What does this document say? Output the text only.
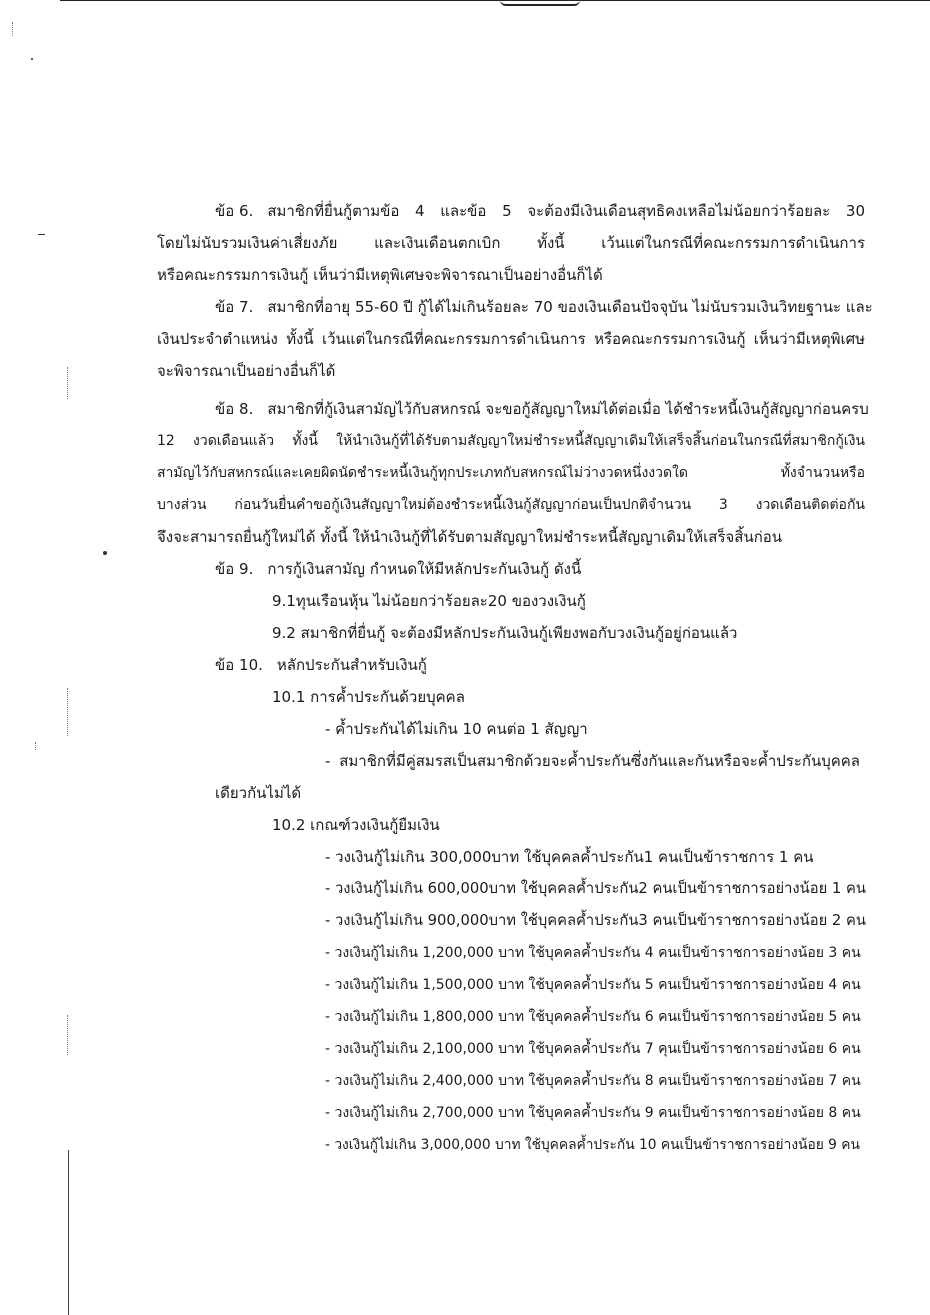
ข้อ 6. สมาชิกที่ยื่นกู้ตามข้อ 4 และข้อ 5 จะต้องมีเงินเดือนสุทธิคงเหลือไม่น้อยกว่าร้อยละ 30
โดยไม่นับรวมเงินค่าเสี่ยงภัย และเงินเดือนตกเบิก ทั้งนี้ เว้นแต่ในกรณีที่คณะกรรมการดำเนินการ
หรือคณะกรรมการเงินกู้ เห็นว่ามีเหตุพิเศษจะพิจารณาเป็นอย่างอื่นก็ได้
ข้อ 7. สมาชิกที่อายุ 55-60 ปี กู้ได้ไม่เกินร้อยละ 70 ของเงินเดือนปัจจุบัน ไม่นับรวมเงินวิทยฐานะ และ
เงินประจำตำแหน่ง ทั้งนี้ เว้นแต่ในกรณีที่คณะกรรมการดำเนินการ หรือคณะกรรมการเงินกู้ เห็นว่ามีเหตุพิเศษ
จะพิจารณาเป็นอย่างอื่นก็ได้
ข้อ 8. สมาชิกที่กู้เงินสามัญไว้กับสหกรณ์ จะขอกู้สัญญาใหม่ได้ต่อเมื่อ ได้ชำระหนี้เงินกู้สัญญาก่อนครบ
12 งวดเดือนแล้ว ทั้งนี้ ให้นำเงินกู้ที่ได้รับตามสัญญาใหม่ชำระหนี้สัญญาเดิมให้เสร็จสิ้นก่อนในกรณีที่สมาชิกกู้เงิน
สามัญไว้กับสหกรณ์และเคยผิดนัดชำระหนี้เงินกู้ทุกประเภทกับสหกรณ์ไม่ว่างวดหนึ่งงวดใด ทั้งจำนวนหรือ
บางส่วน ก่อนวันยื่นคำขอกู้เงินสัญญาใหม่ต้องชำระหนี้เงินกู้สัญญาก่อนเป็นปกติจำนวน 3 งวดเดือนติดต่อกัน
จึงจะสามารถยื่นกู้ใหม่ได้ ทั้งนี้ ให้นำเงินกู้ที่ได้รับตามสัญญาใหม่ชำระหนี้สัญญาเดิมให้เสร็จสิ้นก่อน
ข้อ 9. การกู้เงินสามัญ กำหนดให้มีหลักประกันเงินกู้ ดังนี้
9.1ทุนเรือนหุ้น ไม่น้อยกว่าร้อยละ20 ของวงเงินกู้
9.2 สมาชิกที่ยื่นกู้ จะต้องมีหลักประกันเงินกู้เพียงพอกับวงเงินกู้อยู่ก่อนแล้ว
ข้อ 10. หลักประกันสำหรับเงินกู้
10.1 การค้ำประกันด้วยบุคคล
- ค้ำประกันได้ไม่เกิน 10 คนต่อ 1 สัญญา
- สมาชิกที่มีคู่สมรสเป็นสมาชิกด้วยจะค้ำประกันซึ่งกันและกันหรือจะค้ำประกันบุคคล
เดียวกันไม่ได้
10.2 เกณฑ์วงเงินกู้ยืมเงิน
- วงเงินกู้ไม่เกิน 300,000บาท ใช้บุคคลค้ำประกัน1 คนเป็นข้าราชการ 1 คน
- วงเงินกู้ไม่เกิน 600,000บาท ใช้บุคคลค้ำประกัน2 คนเป็นข้าราชการอย่างน้อย 1 คน
- วงเงินกู้ไม่เกิน 900,000บาท ใช้บุคคลค้ำประกัน3 คนเป็นข้าราชการอย่างน้อย 2 คน
- วงเงินกู้ไม่เกิน 1,200,000 บาท ใช้บุคคลค้ำประกัน 4 คนเป็นข้าราชการอย่างน้อย 3 คน
- วงเงินกู้ไม่เกิน 1,500,000 บาท ใช้บุคคลค้ำประกัน 5 คนเป็นข้าราชการอย่างน้อย 4 คน
- วงเงินกู้ไม่เกิน 1,800,000 บาท ใช้บุคคลค้ำประกัน 6 คนเป็นข้าราชการอย่างน้อย 5 คน
- วงเงินกู้ไม่เกิน 2,100,000 บาท ใช้บุคคลค้ำประกัน 7 คุนเป็นข้าราชการอย่างน้อย 6 คน
- วงเงินกู้ไม่เกิน 2,400,000 บาท ใช้บุคคลค้ำประกัน 8 คนเป็นข้าราชการอย่างน้อย 7 คน
- วงเงินกู้ไม่เกิน 2,700,000 บาท ใช้บุคคลค้ำประกัน 9 คนเป็นข้าราชการอย่างน้อย 8 คน
- วงเงินกู้ไม่เกิน 3,000,000 บาท ใช้บุคคลค้ำประกัน 10 คนเป็นข้าราชการอย่างน้อย 9 คน
